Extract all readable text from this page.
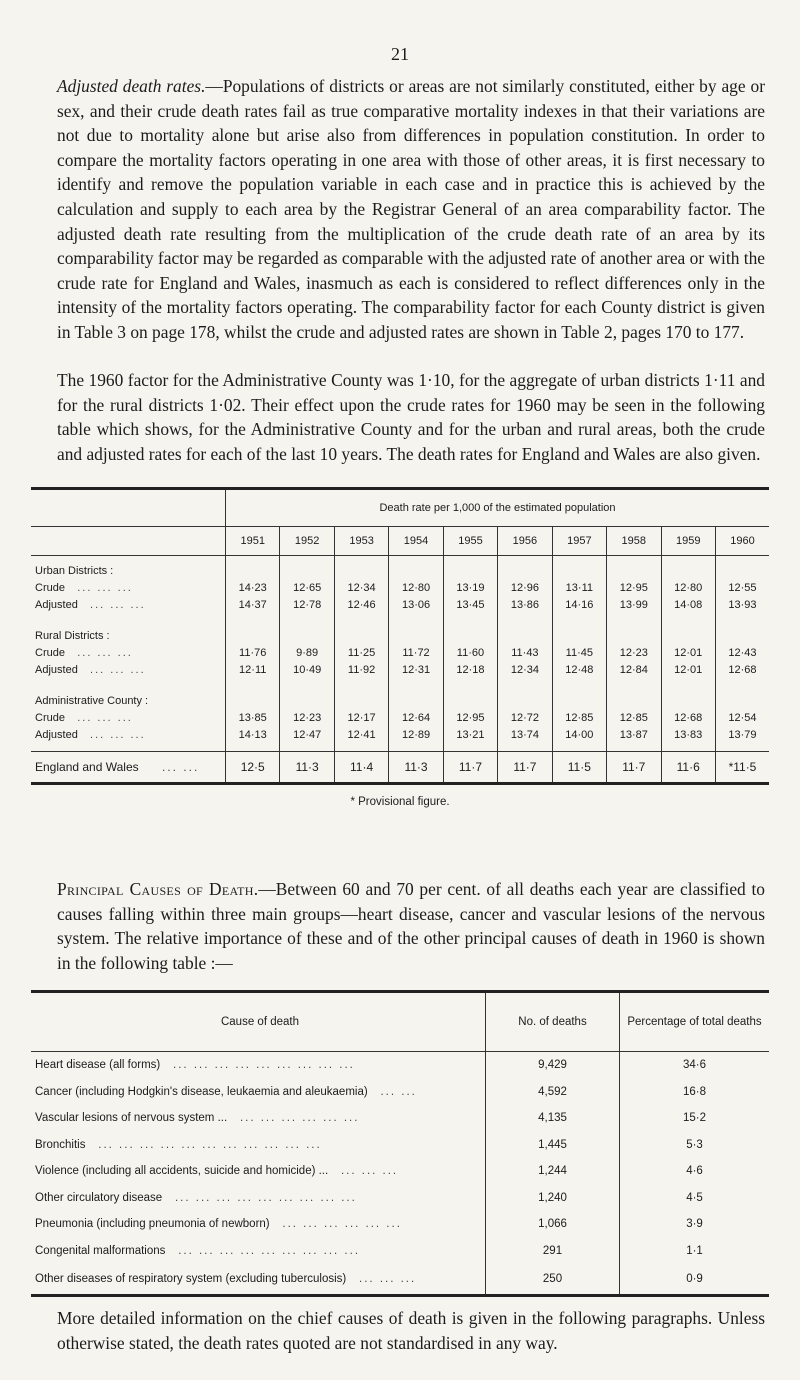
21

Adjusted death rates.—Populations of districts or areas are not similarly constituted, either by age or sex, and their crude death rates fail as true comparative mortality indexes in that their variations are not due to mortality alone but arise also from differences in population constitution. In order to compare the mortality factors operating in one area with those of other areas, it is first necessary to identify and remove the population variable in each case and in practice this is achieved by the calculation and supply to each area by the Registrar General of an area comparability factor. The adjusted death rate resulting from the multiplication of the crude death rate of an area by its comparability factor may be regarded as comparable with the adjusted rate of another area or with the crude rate for England and Wales, inasmuch as each is considered to reflect differences only in the intensity of the mortality factors operating. The comparability factor for each County district is given in Table 3 on page 178, whilst the crude and adjusted rates are shown in Table 2, pages 170 to 177.

The 1960 factor for the Administrative County was 1·10, for the aggregate of urban districts 1·11 and for the rural districts 1·02. Their effect upon the crude rates for 1960 may be seen in the following table which shows, for the Administrative County and for the urban and rural areas, both the crude and adjusted rates for each of the last 10 years. The death rates for England and Wales are also given.

	Death rate per 1,000 of the estimated population									
	1951	1952	1953	1954	1955	1956	1957	1958	1959	1960
Urban Districts :										
Crude ... ... ...	14·23	12·65	12·34	12·80	13·19	12·96	13·11	12·95	12·80	12·55
Adjusted ... ... ...	14·37	12·78	12·46	13·06	13·45	13·86	14·16	13·99	14·08	13·93

Rural Districts :										
Crude ... ... ...	11·76	9·89	11·25	11·72	11·60	11·43	11·45	12·23	12·01	12·43
Adjusted ... ... ...	12·11	10·49	11·92	12·31	12·18	12·34	12·48	12·84	12·01	12·68

Administrative County :										
Crude ... ... ...	13·85	12·23	12·17	12·64	12·95	12·72	12·85	12·85	12·68	12·54
Adjusted ... ... ...	14·13	12·47	12·41	12·89	13·21	13·74	14·00	13·87	13·83	13·79

England and Wales ... ...	12·5	11·3	11·4	11·3	11·7	11·7	11·5	11·7	11·6	*11·5
* Provisional figure.

Principal Causes of Death.—Between 60 and 70 per cent. of all deaths each year are classified to causes falling within three main groups—heart disease, cancer and vascular lesions of the nervous system. The relative importance of these and of the other principal causes of death in 1960 is shown in the following table :—

Cause of death	No. of deaths	Percentage of total deaths
Heart disease (all forms) ... ... ... ... ... ... ... ... ...	9,429	34·6
Cancer (including Hodgkin's disease, leukaemia and aleukaemia) ... ...	4,592	16·8
Vascular lesions of nervous system ... ... ... ... ... ... ...	4,135	15·2
Bronchitis ... ... ... ... ... ... ... ... ... ... ...	1,445	5·3
Violence (including all accidents, suicide and homicide) ... ... ... ...	1,244	4·6
Other circulatory disease ... ... ... ... ... ... ... ... ...	1,240	4·5
Pneumonia (including pneumonia of newborn) ... ... ... ... ... ...	1,066	3·9
Congenital malformations ... ... ... ... ... ... ... ... ...	291	1·1
Other diseases of respiratory system (excluding tuberculosis) ... ... ...	250	0·9

More detailed information on the chief causes of death is given in the following paragraphs. Unless otherwise stated, the death rates quoted are not standardised in any way.
